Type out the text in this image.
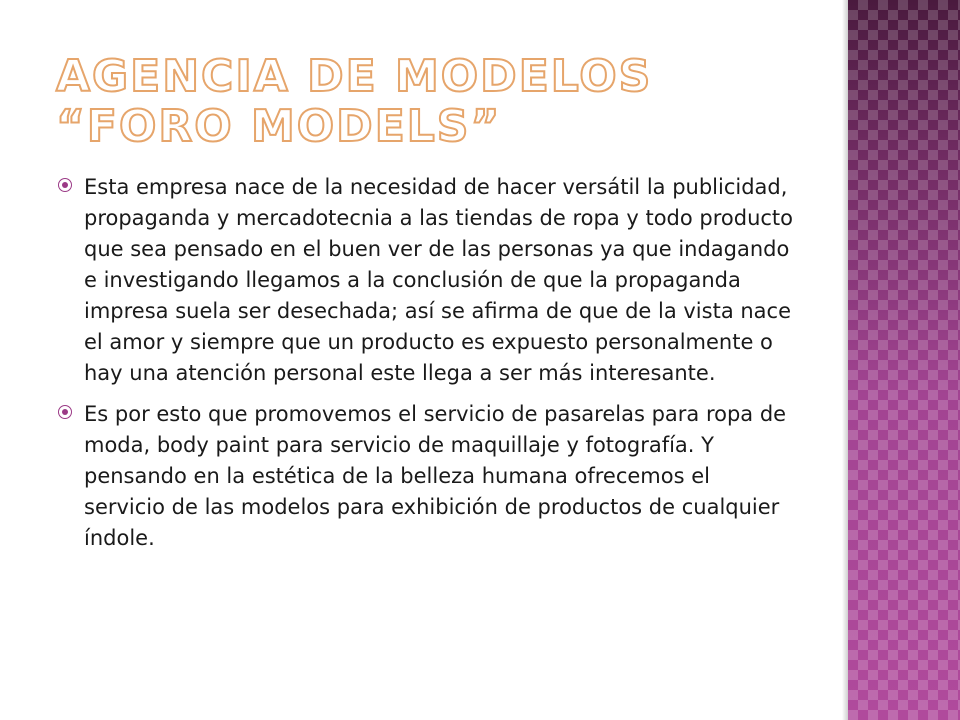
AGENCIA DE MODELOS
“FORO MODELS”
Esta empresa nace de la necesidad de hacer versátil la publicidad, propaganda y mercadotecnia a las tiendas de ropa y todo producto que sea pensado en el buen ver de las personas ya que indagando e investigando llegamos a la conclusión de que la propaganda impresa suela ser desechada; así se afirma de que de la vista nace el amor y siempre que un producto es expuesto personalmente o hay una atención personal este llega a ser más interesante.
Es por esto que promovemos el servicio de pasarelas para ropa de moda, body paint para servicio de maquillaje y fotografía. Y pensando en la estética de la belleza humana ofrecemos el servicio de las modelos para exhibición de productos de cualquier índole.
